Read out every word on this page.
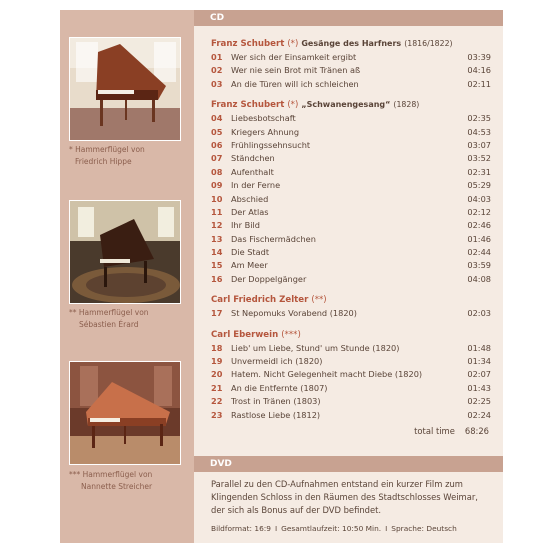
CD
DVD
* Hammerflügel von
Friedrich Hippe
** Hammerflügel von
Sébastien Érard
*** Hammerflügel von
Nannette Streicher
Franz Schubert (*) Gesänge des Harfners (1816/1822)
01	Wer sich der Einsamkeit ergibt	03:39
02	Wer nie sein Brot mit Tränen aß	04:16
03	An die Türen will ich schleichen	02:11
Franz Schubert (*) „Schwanengesang“ (1828)
04	Liebesbotschaft	02:35
05	Kriegers Ahnung	04:53
06	Frühlingssehnsucht	03:07
07	Ständchen	03:52
08	Aufenthalt	02:31
09	In der Ferne	05:29
10	Abschied	04:03
11	Der Atlas	02:12
12	Ihr Bild	02:46
13	Das Fischermädchen	01:46
14	Die Stadt	02:44
15	Am Meer	03:59
16	Der Doppelgänger	04:08
Carl Friedrich Zelter (**)
17	St Nepomuks Vorabend (1820)	02:03
Carl Eberwein (***)
18	Lieb' um Liebe, Stund' um Stunde (1820)	01:48
19	Unvermeidl ich (1820)	01:34
20	Hatem. Nicht Gelegenheit macht Diebe (1820)	02:07
21	An die Entfernte (1807)	01:43
22	Trost in Tränen (1803)	02:25
23	Rastlose Liebe (1812)	02:24
total time 68:26
Parallel zu den CD-Aufnahmen entstand ein kurzer Film zum
Klingenden Schloss in den Räumen des Stadtschlosses Weimar,
der sich als Bonus auf der DVD befindet.
Bildformat: 16:9 I Gesamtlaufzeit: 10:50 Min. I Sprache: Deutsch
